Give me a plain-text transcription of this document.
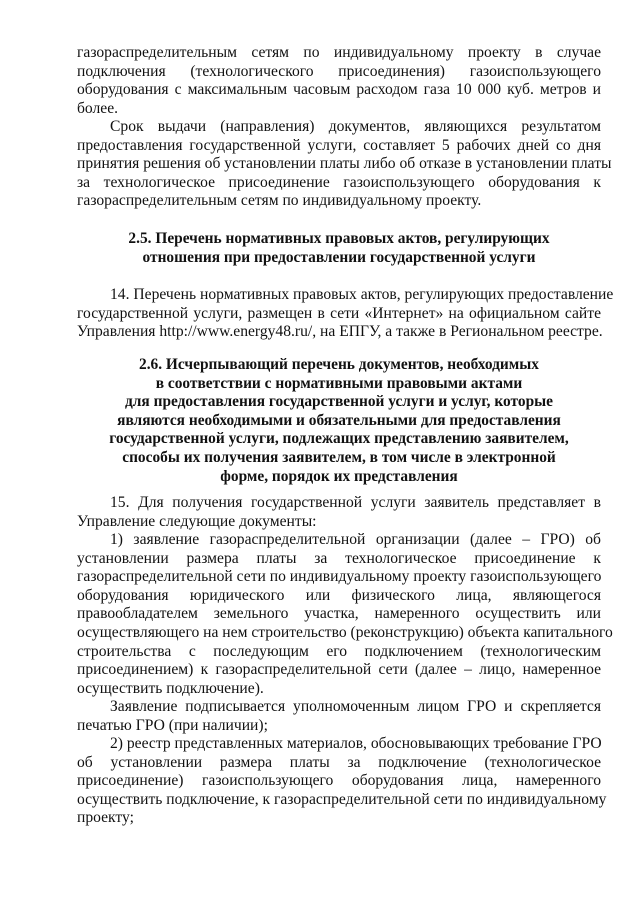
газораспределительным сетям по индивидуальному проекту в случае
подключения (технологического присоединения) газоиспользующего
оборудования с максимальным часовым расходом газа 10 000 куб. метров и
более.
Срок выдачи (направления) документов, являющихся результатом
предоставления государственной услуги, составляет 5 рабочих дней со дня
принятия решения об установлении платы либо об отказе в установлении платы
за технологическое присоединение газоиспользующего оборудования к
газораспределительным сетям по индивидуальному проекту.
2.5. Перечень нормативных правовых актов, регулирующих
отношения при предоставлении государственной услуги
14. Перечень нормативных правовых актов, регулирующих предоставление
государственной услуги, размещен в сети «Интернет» на официальном сайте
Управления http://www.energy48.ru/, на ЕПГУ, а также в Региональном реестре.
2.6. Исчерпывающий перечень документов, необходимых
в соответствии с нормативными правовыми актами
для предоставления государственной услуги и услуг, которые
являются необходимыми и обязательными для предоставления
государственной услуги, подлежащих представлению заявителем,
способы их получения заявителем, в том числе в электронной
форме, порядок их представления
15. Для получения государственной услуги заявитель представляет в
Управление следующие документы:
1) заявление газораспределительной организации (далее – ГРО) об
установлении размера платы за технологическое присоединение к
газораспределительной сети по индивидуальному проекту газоиспользующего
оборудования юридического или физического лица, являющегося
правообладателем земельного участка, намеренного осуществить или
осуществляющего на нем строительство (реконструкцию) объекта капитального
строительства с последующим его подключением (технологическим
присоединением) к газораспределительной сети (далее – лицо, намеренное
осуществить подключение).
Заявление подписывается уполномоченным лицом ГРО и скрепляется
печатью ГРО (при наличии);
2) реестр представленных материалов, обосновывающих требование ГРО
об установлении размера платы за подключение (технологическое
присоединение) газоиспользующего оборудования лица, намеренного
осуществить подключение, к газораспределительной сети по индивидуальному
проекту;
